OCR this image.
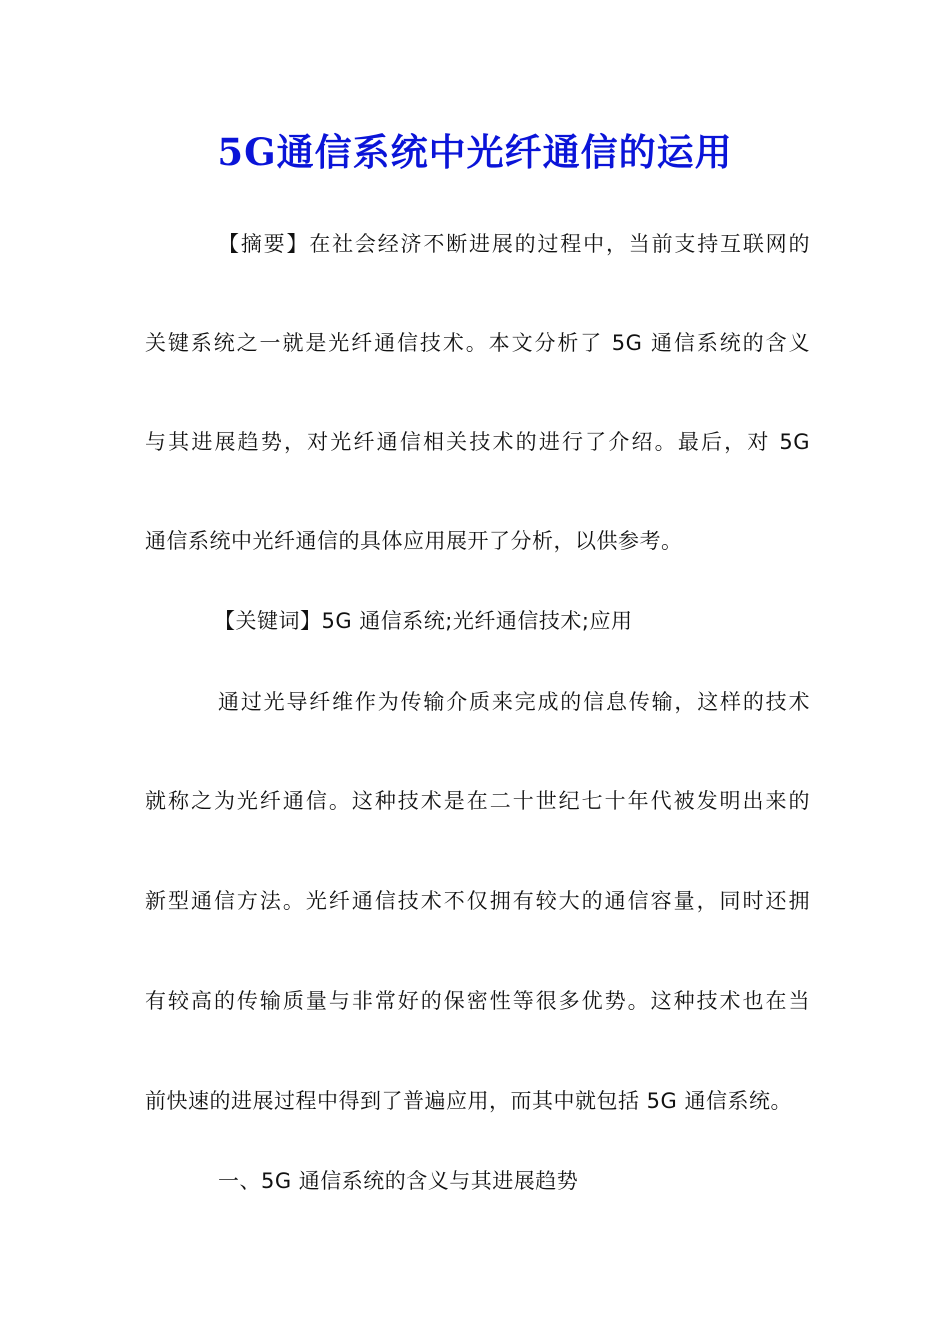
5G通信系统中光纤通信的运用
【摘要】在社会经济不断进展的过程中，当前支持互联网的
关键系统之一就是光纤通信技术。本文分析了 5G 通信系统的含义
与其进展趋势，对光纤通信相关技术的进行了介绍。最后，对 5G
通信系统中光纤通信的具体应用展开了分析，以供参考。
【关键词】5G 通信系统;光纤通信技术;应用
通过光导纤维作为传输介质来完成的信息传输，这样的技术
就称之为光纤通信。这种技术是在二十世纪七十年代被发明出来的
新型通信方法。光纤通信技术不仅拥有较大的通信容量，同时还拥
有较高的传输质量与非常好的保密性等很多优势。这种技术也在当
前快速的进展过程中得到了普遍应用，而其中就包括 5G 通信系统。
一、5G 通信系统的含义与其进展趋势
